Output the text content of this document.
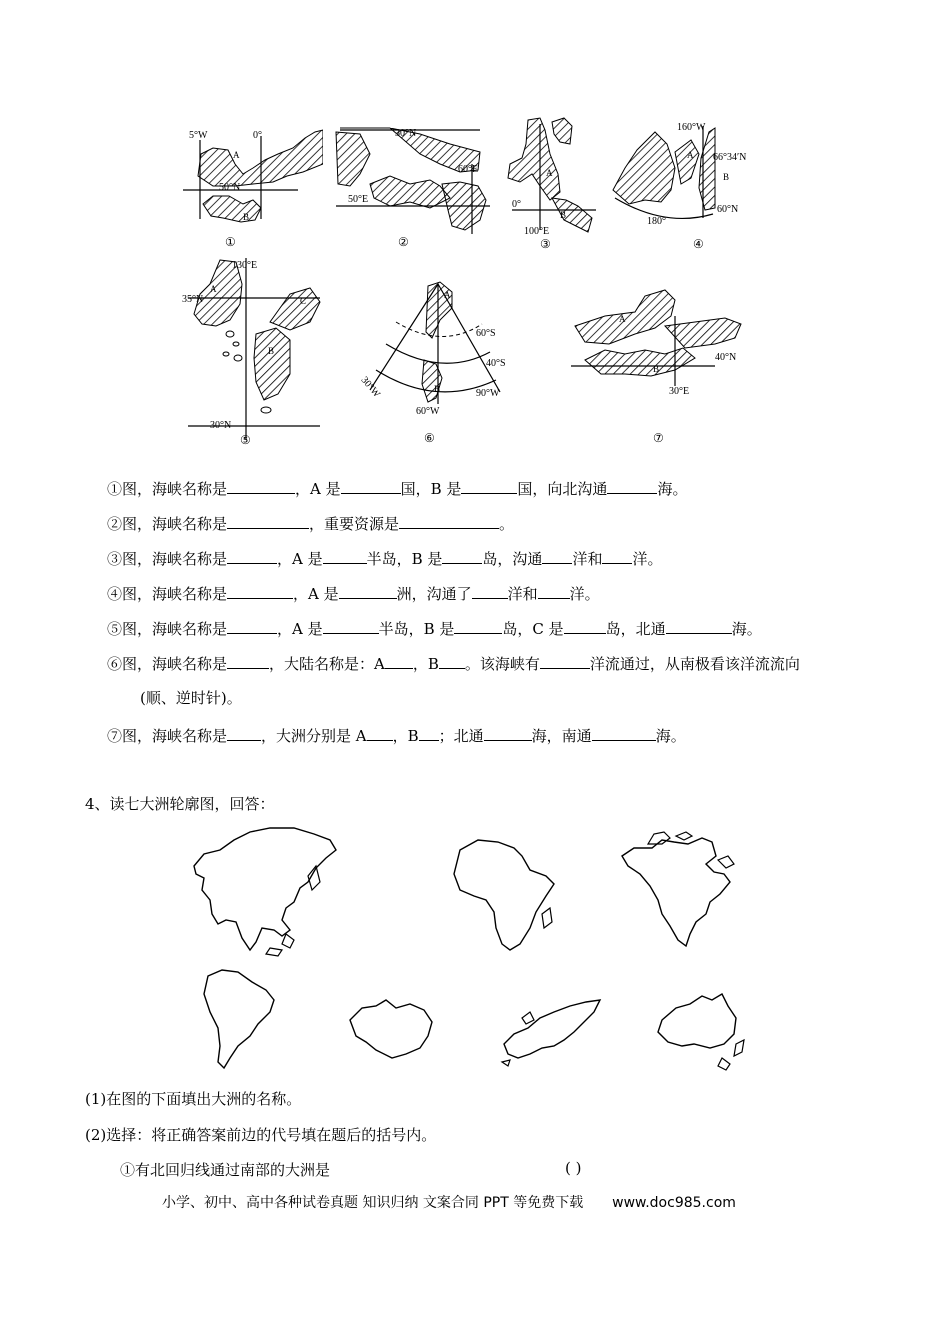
5°W	0°
50°N
A
B
①
30°N
50°E
60°E
②
A
B
0°
100°E
③
160°W
66°34′N
60°N
180°
A
B
④
130°E
35°N
30°N
A
B
C
⑤
60°S
40°S
90°W
30°W
60°W
A
B
⑥
40°N
30°E
A
B
⑦
①图，海峡名称是	，A 是	国，B 是	国，向北沟通	海。
②图，海峡名称是	，重要资源是	。
③图，海峡名称是	，A 是	半岛，B 是	岛，沟通 洋和 洋。
④图，海峡名称是	，A 是	洲，沟通了 洋和 洋。
⑤图，海峡名称是	，A 是	半岛，B 是	岛，C 是	岛，北通	海。
⑥图，海峡名称是	，大陆名称是：A ，B 。该海峡有	洋流通过，从南极看该洋流流向
(顺、逆时针)。
⑦图，海峡名称是 ，大洲分别是 A ，B ；北通	海，南通	海。
4、读七大洲轮廓图，回答：
(1)在图的下面填出大洲的名称。
(2)选择：将正确答案前边的代号填在题后的括号内。
①有北回归线通过南部的大洲是	( )
小学、初中、高中各种试卷真题 知识归纳 文案合同 PPT 等免费下载 www.doc985.com
